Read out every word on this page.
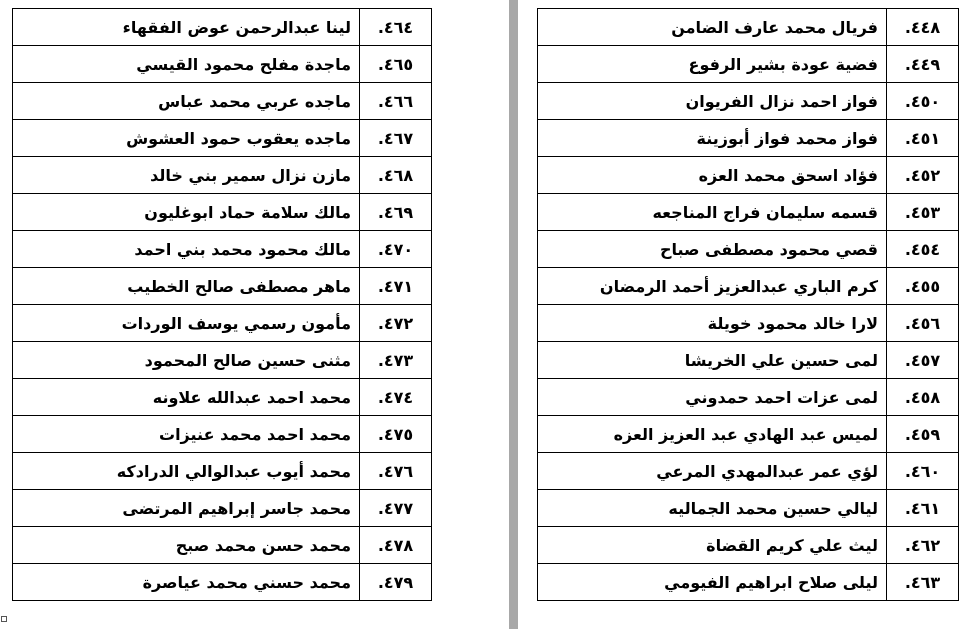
٤٦٤.	لينا عبدالرحمن عوض الفقهاء
٤٦٥.	ماجدة مفلح محمود القيسي
٤٦٦.	ماجده عربي محمد عباس
٤٦٧.	ماجده يعقوب حمود العشوش
٤٦٨.	مازن نزال سمير بني خالد
٤٦٩.	مالك سلامة حماد ابوغليون
٤٧٠.	مالك محمود محمد بني احمد
٤٧١.	ماهر مصطفى صالح الخطيب
٤٧٢.	مأمون رسمي يوسف الوردات
٤٧٣.	مثنى حسين صالح المحمود
٤٧٤.	محمد احمد عبدالله علاونه
٤٧٥.	محمد احمد محمد عنيزات
٤٧٦.	محمد أيوب عبدالوالي الدرادكه
٤٧٧.	محمد جاسر إبراهيم المرتضى
٤٧٨.	محمد حسن محمد صبح
٤٧٩.	محمد حسني محمد عياصرة
٤٤٨.	فريال محمد عارف الضامن
٤٤٩.	فضية عودة بشير الرفوع
٤٥٠.	فواز احمد نزال الفريوان
٤٥١.	فواز محمد فواز أبوزينة
٤٥٢.	فؤاد اسحق محمد العزه
٤٥٣.	قسمه سليمان فراج المناجعه
٤٥٤.	قصي محمود مصطفى صباح
٤٥٥.	كرم الباري عبدالعزيز أحمد الرمضان
٤٥٦.	لارا خالد محمود خويلة
٤٥٧.	لمى حسين علي الخريشا
٤٥٨.	لمى عزات احمد حمدوني
٤٥٩.	لميس عبد الهادي عبد العزيز العزه
٤٦٠.	لؤي عمر عبدالمهدي المرعي
٤٦١.	ليالي حسين محمد الجماليه
٤٦٢.	ليث علي كريم القضاة
٤٦٣.	ليلى صلاح ابراهيم الفيومي
